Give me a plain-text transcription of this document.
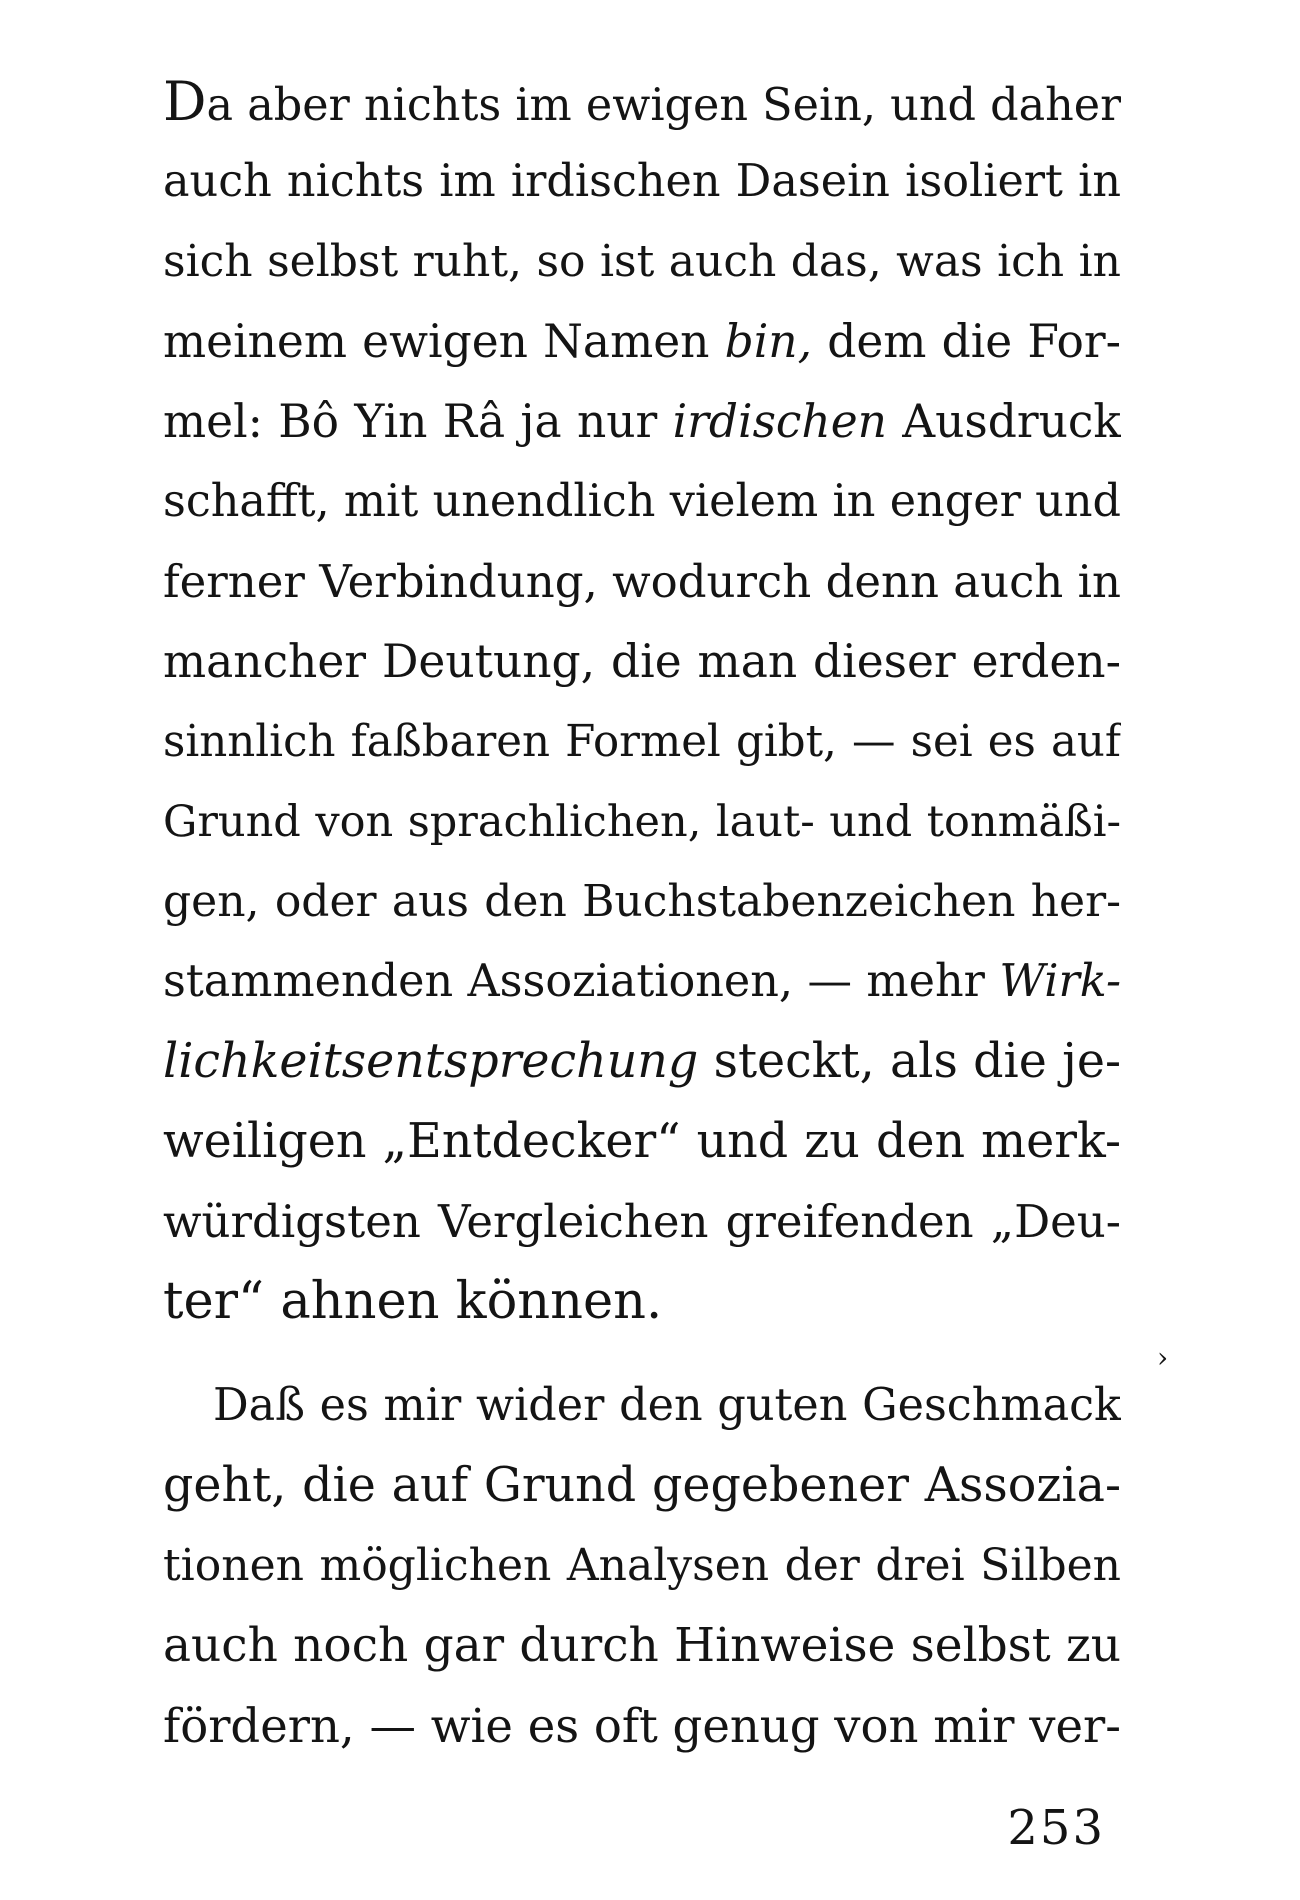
Da aber nichts im ewigen Sein, und daher
auch nichts im irdischen Dasein isoliert in
sich selbst ruht, so ist auch das, was ich in
meinem ewigen Namen bin, dem die For-
mel: Bô Yin Râ ja nur irdischen Ausdruck
schafft, mit unendlich vielem in enger und
ferner Verbindung, wodurch denn auch in
mancher Deutung, die man dieser erden-
sinnlich faßbaren Formel gibt, — sei es auf
Grund von sprachlichen, laut- und tonmäßi-
gen, oder aus den Buchstabenzeichen her-
stammenden Assoziationen, — mehr Wirk-
lichkeitsentsprechung steckt, als die je-
weiligen „Entdecker“ und zu den merk-
würdigsten Vergleichen greifenden „Deu-
ter“ ahnen können.
›
Daß es mir wider den guten Geschmack
geht, die auf Grund gegebener Assozia-
tionen möglichen Analysen der drei Silben
auch noch gar durch Hinweise selbst zu
fördern, — wie es oft genug von mir ver-
253
